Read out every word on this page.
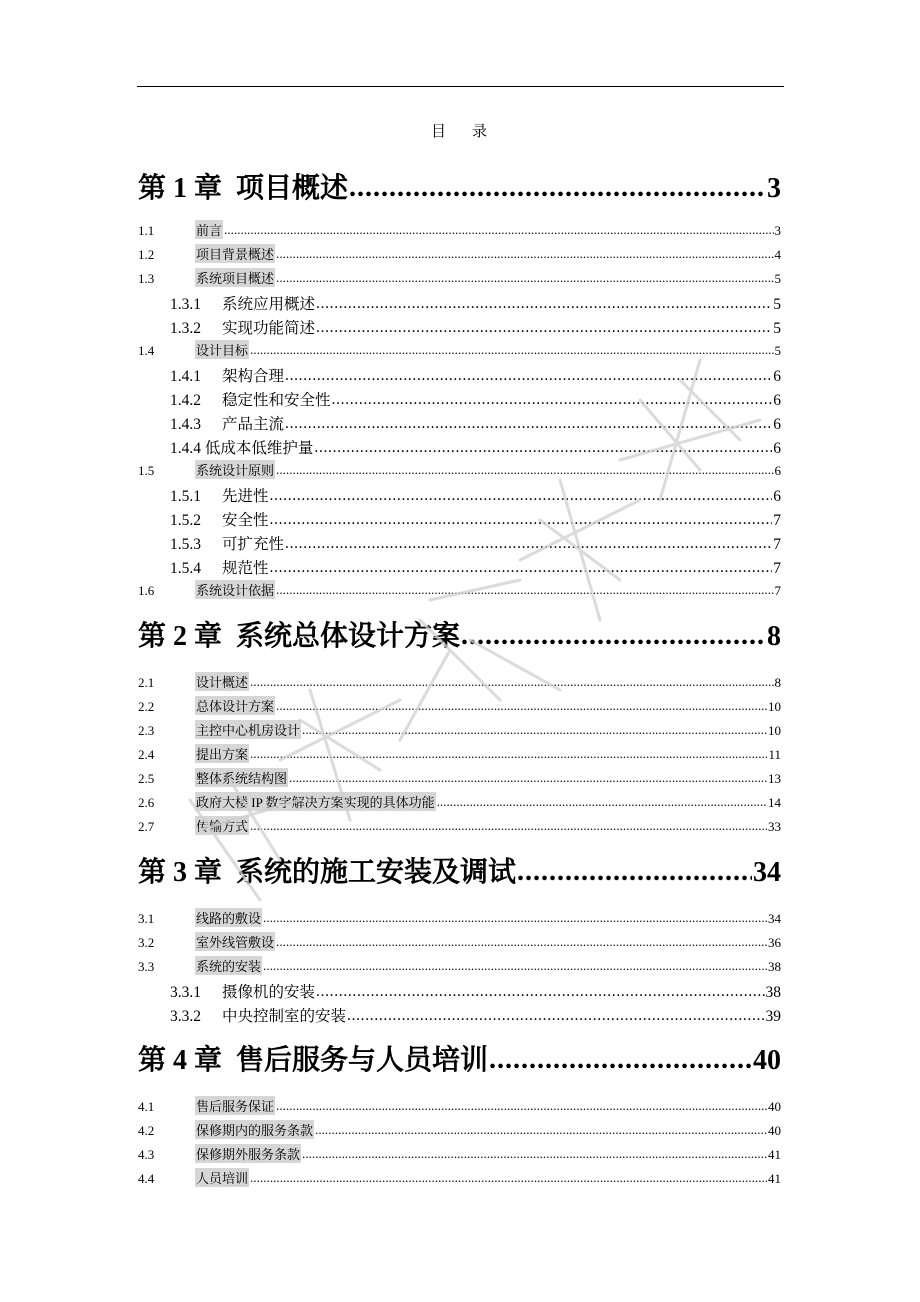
目 录
第 1 章 项目概述 . . .	3
1.1	前言 . . .	3
1.2	项目背景概述 . . .	4
1.3	系统项目概述 . . .	5
1.3.1	系统应用概述 . . .	5
1.3.2	实现功能简述 . . .	5
1.4	设计目标 . . .	5
1.4.1	架构合理 . . .	6
1.4.2	稳定性和安全性 . . .	6
1.4.3	产品主流 . . .	6
1.4.4 低成本低维护量 . . .	6
1.5	系统设计原则 . . .	6
1.5.1	先进性 . . .	6
1.5.2	安全性 . . .	7
1.5.3	可扩充性 . . .	7
1.5.4	规范性 . . .	7
1.6	系统设计依据 . . .	7
第 2 章 系统总体设计方案 . . .	8
2.1	设计概述 . . .	8
2.2	总体设计方案 . . .	10
2.3	主控中心机房设计 . . .	10
2.4	提出方案 . . .	11
2.5	整体系统结构图 . . .	13
2.6	政府大楼 IP 数字解决方案实现的具体功能 . . .	14
2.7	传输方式 . . .	33
第 3 章 系统的施工安装及调试 . . .	34
3.1	线路的敷设 . . .	34
3.2	室外线管敷设 . . .	36
3.3	系统的安装 . . .	38
3.3.1	摄像机的安装 . . .	38
3.3.2	中央控制室的安装 . . .	39
第 4 章 售后服务与人员培训 . . .	40
4.1	售后服务保证 . . .	40
4.2	保修期内的服务条款 . . .	40
4.3	保修期外服务条款 . . .	41
4.4	人员培训 . . .	41
